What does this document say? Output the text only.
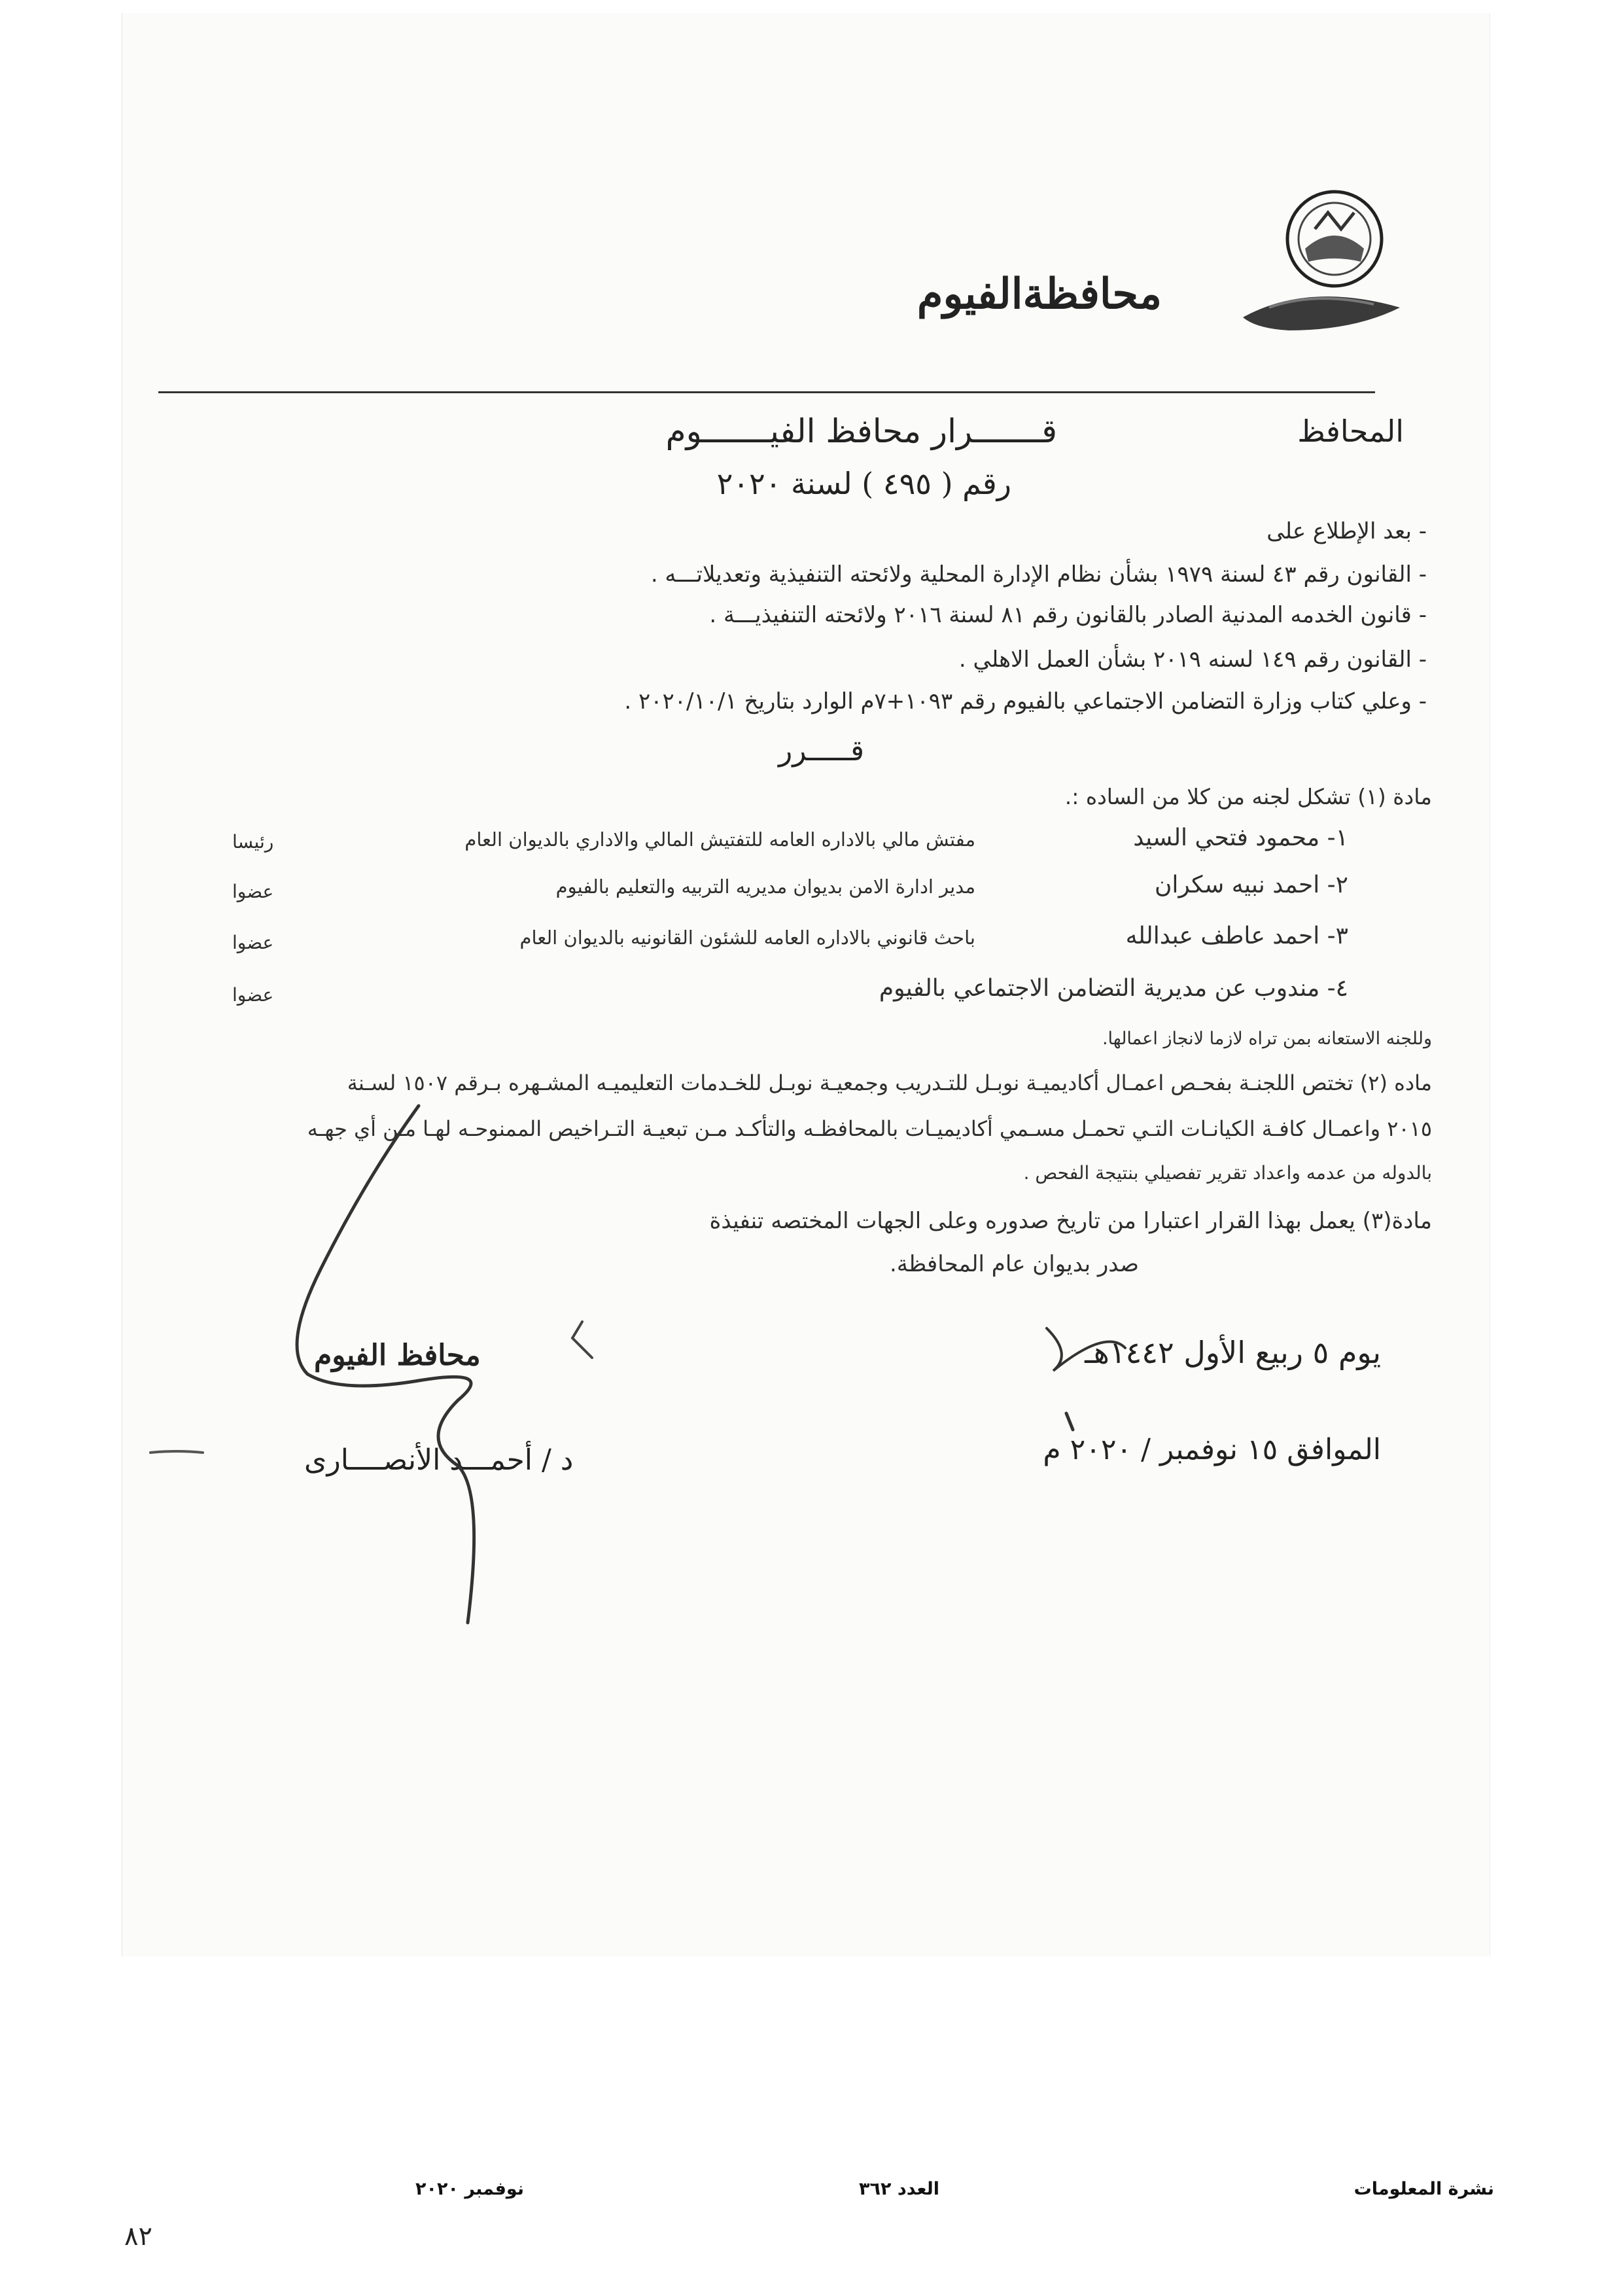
محافظةالفيوم
المحافظ
قـــــــرار محافظ الفيـــــــوم
رقم ( ٤٩٥ ) لسنة ٢٠٢٠
- بعد الإطلاع على
- القانون رقم ٤٣ لسنة ١٩٧٩ بشأن نظام الإدارة المحلية ولائحته التنفيذية وتعديلاتـــه .
- قانون الخدمه المدنية الصادر بالقانون رقم ٨١ لسنة ٢٠١٦ ولائحته التنفيذيـــة .
- القانون رقم ١٤٩ لسنه ٢٠١٩ بشأن العمل الاهلي .
- وعلي كتاب وزارة التضامن الاجتماعي بالفيوم رقم ١٠٩٣+٧م الوارد بتاريخ ٢٠٢٠/١٠/١ .
قـــــرر
مادة (١) تشكل لجنه من كلا من الساده :.
١- محمود فتحي السيد
مفتش مالي بالاداره العامه للتفتيش المالي والاداري بالديوان العام
رئيسا
٢- احمد نبيه سكران
مدير ادارة الامن بديوان مديريه التربيه والتعليم بالفيوم
عضوا
٣- احمد عاطف عبدالله
باحث قانوني بالاداره العامه للشئون القانونيه بالديوان العام
عضوا
٤- مندوب عن مديرية التضامن الاجتماعي بالفيوم
عضوا
وللجنه الاستعانه بمن تراه لازما لانجاز اعمالها.
ماده (٢) تختص اللجنـة بفحـص اعمـال أكاديميـة نوبـل للتـدريب وجمعيـة نوبـل للخـدمات التعليميـه المشـهره بـرقم ١٥٠٧ لسـنة
٢٠١٥ واعمـال كافـة الكيانـات التـي تحمـل مسـمي أكاديميـات بالمحافظـه والتأكـد مـن تبعيـة التـراخيص الممنوحـه لهـا مـن أي جهـه
بالدوله من عدمه واعداد تقرير تفصيلي بنتيجة الفحص .
مادة(٣) يعمل بهذا القرار اعتبارا من تاريخ صدوره وعلى الجهات المختصه تنفيذة
صدر بديوان عام المحافظة.
يوم ٥ ربيع الأول ١٤٤٢هـ
الموافق ١٥ نوفمبر / ٢٠٢٠ م
محافظ الفيوم
د / أحمـــد الأنصــــارى
نشرة المعلومات
العدد ٣٦٢
نوفمبر ٢٠٢٠
٨٢
